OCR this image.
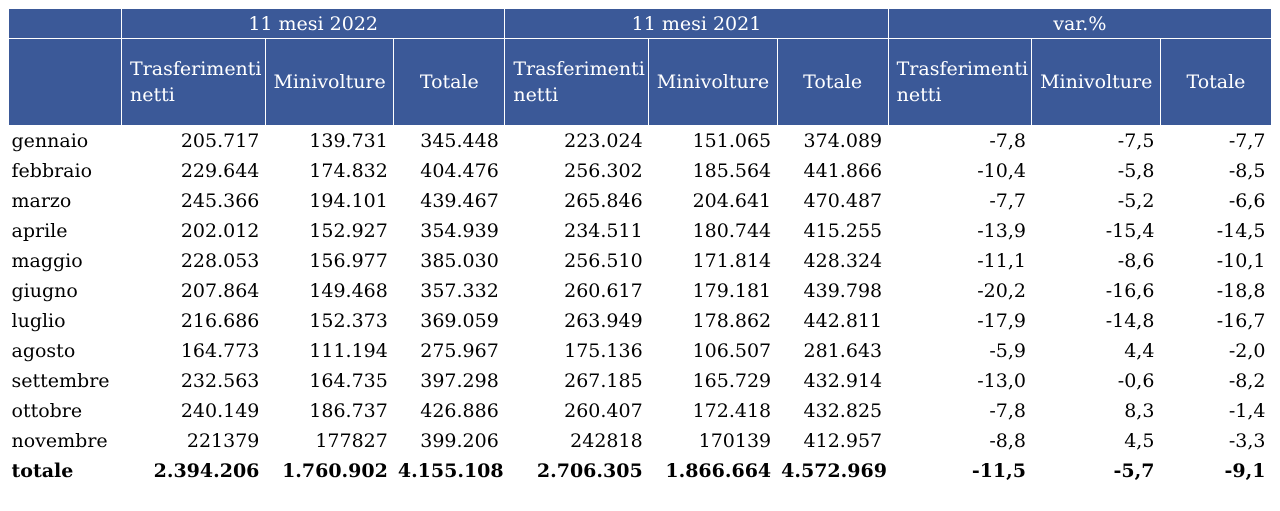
	11 mesi 2022			11 mesi 2021			var.%		
	Trasferimenti netti	Minivolture	Totale	Trasferimenti netti	Minivolture	Totale	Trasferimenti netti	Minivolture	Totale
gennaio	205.717	139.731	345.448	223.024	151.065	374.089	-7,8	-7,5	-7,7
febbraio	229.644	174.832	404.476	256.302	185.564	441.866	-10,4	-5,8	-8,5
marzo	245.366	194.101	439.467	265.846	204.641	470.487	-7,7	-5,2	-6,6
aprile	202.012	152.927	354.939	234.511	180.744	415.255	-13,9	-15,4	-14,5
maggio	228.053	156.977	385.030	256.510	171.814	428.324	-11,1	-8,6	-10,1
giugno	207.864	149.468	357.332	260.617	179.181	439.798	-20,2	-16,6	-18,8
luglio	216.686	152.373	369.059	263.949	178.862	442.811	-17,9	-14,8	-16,7
agosto	164.773	111.194	275.967	175.136	106.507	281.643	-5,9	4,4	-2,0
settembre	232.563	164.735	397.298	267.185	165.729	432.914	-13,0	-0,6	-8,2
ottobre	240.149	186.737	426.886	260.407	172.418	432.825	-7,8	8,3	-1,4
novembre	221379	177827	399.206	242818	170139	412.957	-8,8	4,5	-3,3
totale	2.394.206	1.760.902	4.155.108	2.706.305	1.866.664	4.572.969	-11,5	-5,7	-9,1
